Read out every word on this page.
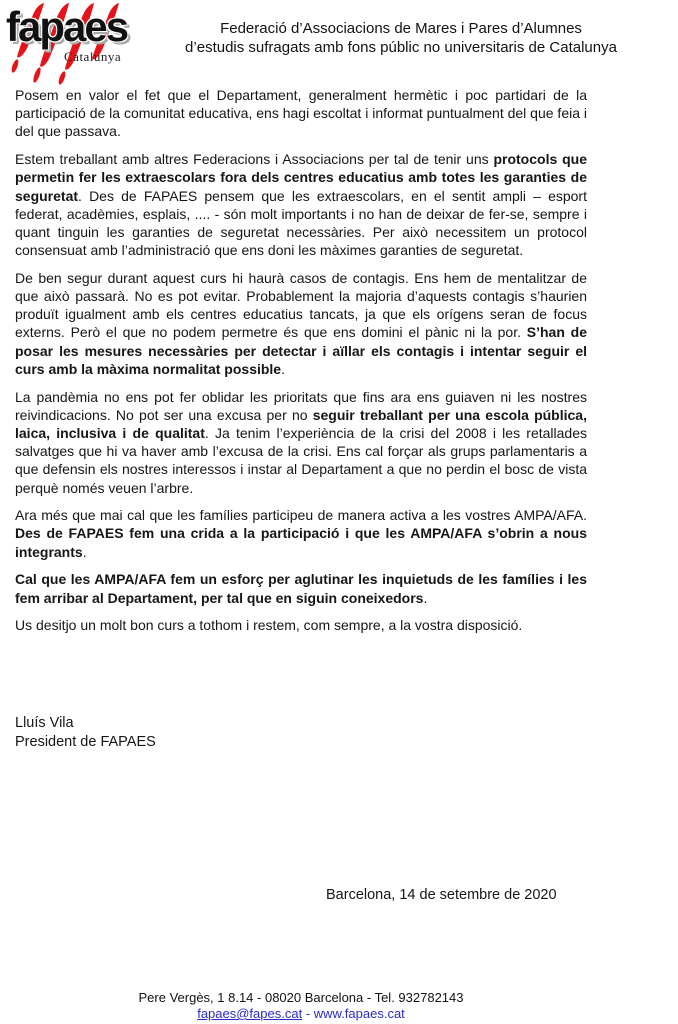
fapaes
Catalunya
Federació d’Associacions de Mares i Pares d’Alumnes
d’estudis sufragats amb fons públic no universitaris de Catalunya

Posem en valor el fet que el Departament, generalment hermètic i poc partidari de la participació de la comunitat educativa, ens hagi escoltat i informat puntualment del que feia i del que passava.

Estem treballant amb altres Federacions i Associacions per tal de tenir uns protocols que permetin fer les extraescolars fora dels centres educatius amb totes les garanties de seguretat. Des de FAPAES pensem que les extraescolars, en el sentit ampli – esport federat, acadèmies, esplais, .... - són molt importants i no han de deixar de fer-se, sempre i quant tinguin les garanties de seguretat necessàries. Per això necessitem un protocol consensuat amb l’administració que ens doni les màximes garanties de seguretat.

De ben segur durant aquest curs hi haurà casos de contagis. Ens hem de mentalitzar de que això passarà. No es pot evitar. Probablement la majoria d’aquests contagis s’haurien produït igualment amb els centres educatius tancats, ja que els orígens seran de focus externs. Però el que no podem permetre és que ens domini el pànic ni la por. S’han de posar les mesures necessàries per detectar i aïllar els contagis i intentar seguir el curs amb la màxima normalitat possible.

La pandèmia no ens pot fer oblidar les prioritats que fins ara ens guiaven ni les nostres reivindicacions. No pot ser una excusa per no seguir treballant per una escola pública, laica, inclusiva i de qualitat. Ja tenim l’experiència de la crisi del 2008 i les retallades salvatges que hi va haver amb l’excusa de la crisi. Ens cal forçar als grups parlamentaris a que defensin els nostres interessos i instar al Departament a que no perdin el bosc de vista perquè només veuen l’arbre.

Ara més que mai cal que les famílies participeu de manera activa a les vostres AMPA/AFA. Des de FAPAES fem una crida a la participació i que les AMPA/AFA s’obrin a nous integrants.

Cal que les AMPA/AFA fem un esforç per aglutinar les inquietuds de les famílies i les fem arribar al Departament, per tal que en siguin coneixedors.

Us desitjo un molt bon curs a tothom i restem, com sempre, a la vostra disposició.

Lluís Vila
President de FAPAES
Barcelona, 14 de setembre de 2020
Pere Vergès, 1 8.14 - 08020 Barcelona - Tel. 932782143
fapaes@fapes.cat - www.fapaes.cat
